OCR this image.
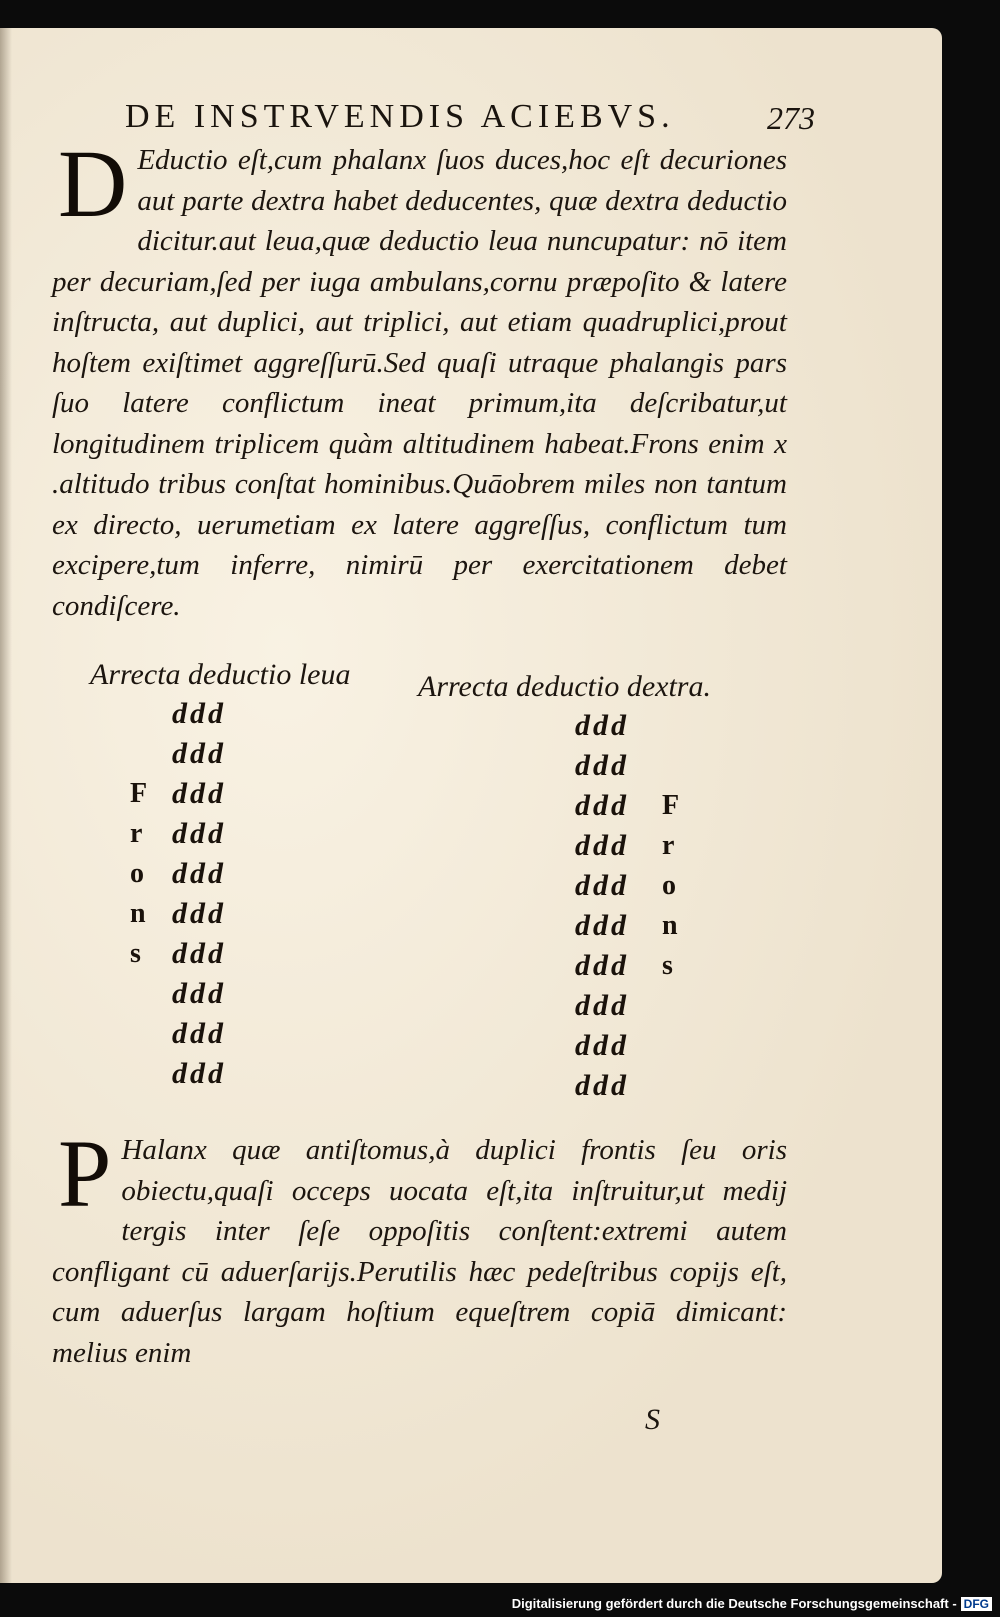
DE INSTRVENDIS ACIEBVS.	273

D Eductio eſt,cum phalanx ſuos duces,hoc eſt decuriones aut parte dextra habet deducentes, quæ dextra deductio dicitur.aut leua,quæ deductio leua nuncupatur: nō item per decuriam,ſed per iuga ambulans,cornu præpoſito & latere inſtructa, aut duplici, aut triplici, aut etiam quadruplici,prout hoſtem exiſtimet aggreſſurū.Sed quaſi utraque phalangis pars ſuo latere conflictum ineat primum,ita deſcribatur,ut longitudinem triplicem quàm altitudinem habeat.Frons enim x .altitudo tribus conſtat hominibus.Quāobrem miles non tantum ex directo, uerumetiam ex latere aggreſſus, conflictum tum excipere,tum inferre, nimirū per exercitationem debet condiſcere.

Arrecta deductio leua Arrecta deductio dextra.
ddd
ddd
ddd
ddd
ddd
ddd
ddd
ddd
ddd
ddd
F
r
o
n
s
ddd
ddd
ddd
ddd
ddd
ddd
ddd
ddd
ddd
ddd
F
r
o
n
s

P Halanx quæ antiſtomus,à duplici frontis ſeu oris obiectu,quaſi occeps uocata eſt,ita inſtruitur,ut medij tergis inter ſeſe oppoſitis conſtent:extremi autem confligant cū aduerſarijs.Perutilis hæc pedeſtribus copijs eſt, cum aduerſus largam hoſtium equeſtrem copiā dimicant: melius enim

S
Digitalisierung gefördert durch die Deutsche Forschungsgemeinschaft - DFG
